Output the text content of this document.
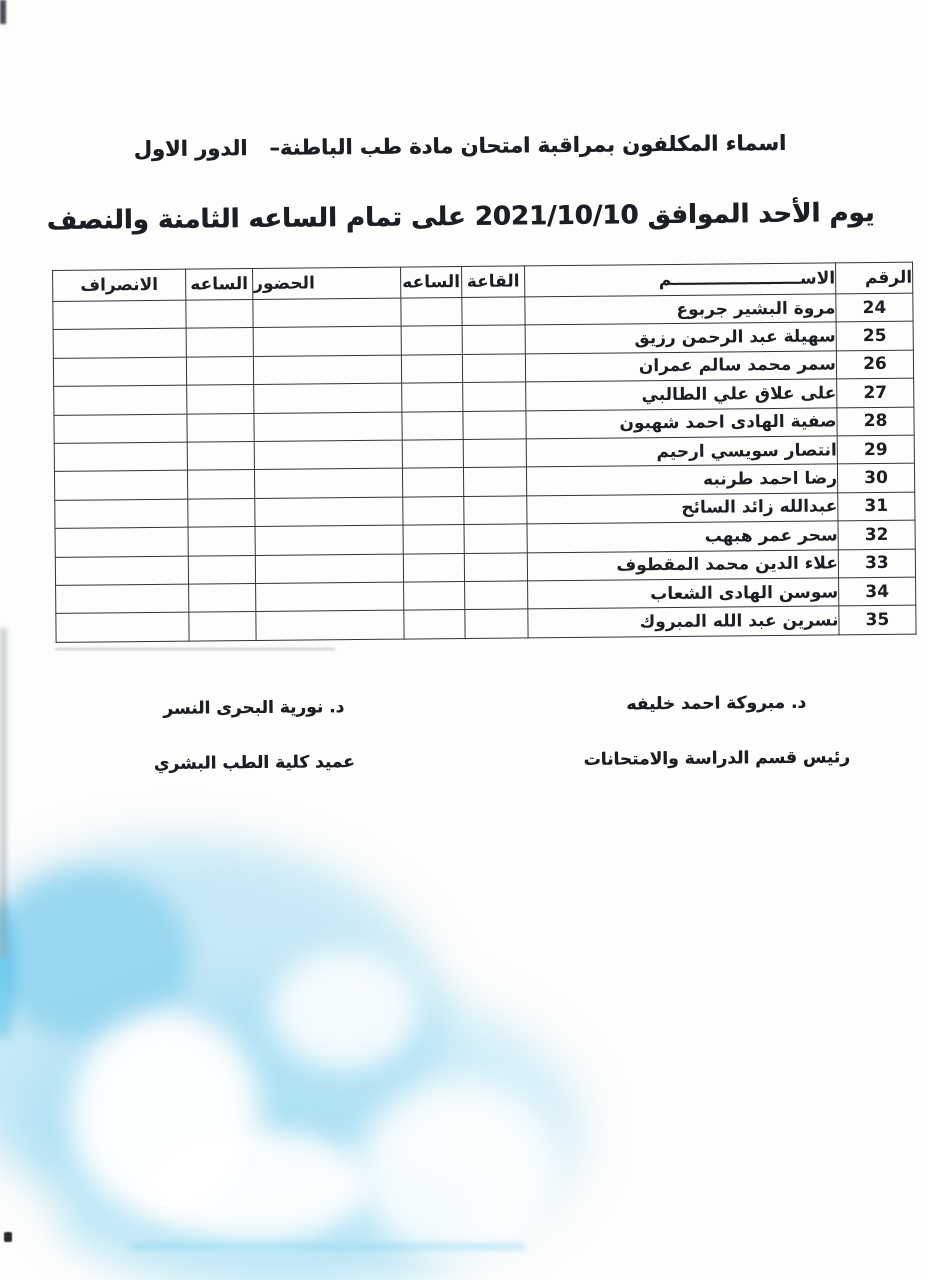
اسماء المكلفون بمراقبة امتحان مادة طب الباطنة–   الدور الاول
يوم الأحد الموافق 2021/10/10 على تمام الساعه الثامنة والنصف
الرقم	الاســــــــــــــــــــــم	القاعة	الساعه	الحضور	الساعه	الانصراف
24	مروة البشير جربوع					
25	سهيلة عبد الرحمن رزيق					
26	سمر محمد سالم عمران					
27	على علاق علي الطالبي					
28	صفية الهادى احمد شهبون					
29	انتصار سويسي ارحيم					
30	رضا احمد طرنبه					
31	عبدالله زائد السائح					
32	سحر عمر هبهب					
33	علاء الدين محمد المقطوف					
34	سوسن الهادى الشعاب					
35	نسرين عبد الله المبروك					
د. مبروكة احمد خليفه
رئيس قسم الدراسة والامتحانات
د. نورية البحرى النسر
عميد كلية الطب البشري
